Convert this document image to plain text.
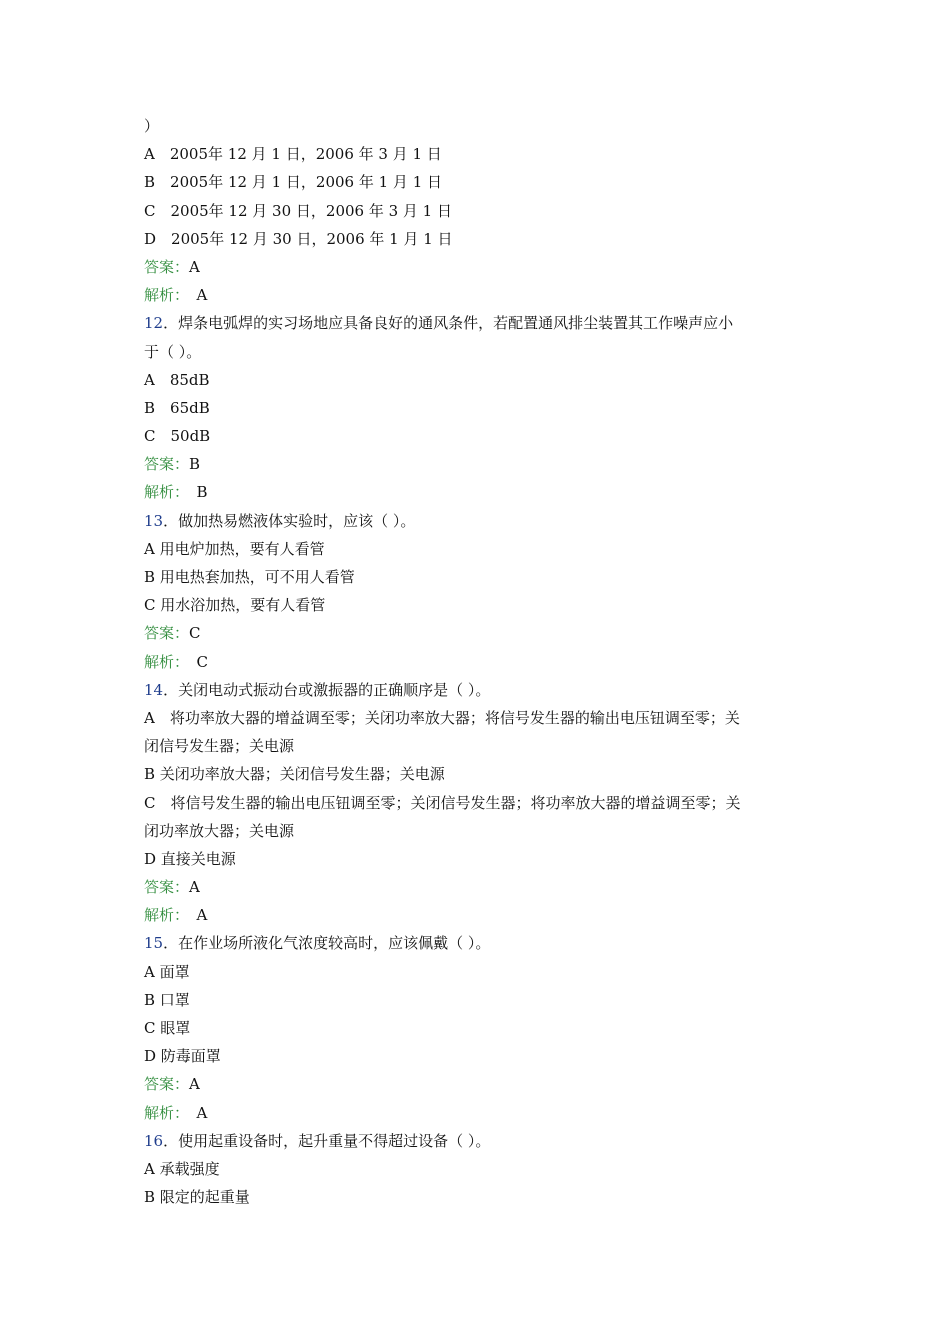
）
A　2005年 12 月 1 日，2006 年 3 月 1 日
B　2005年 12 月 1 日，2006 年 1 月 1 日
C　2005年 12 月 30 日，2006 年 3 月 1 日
D　2005年 12 月 30 日，2006 年 1 月 1 日
答案：A
解析：　A
12．焊条电弧焊的实习场地应具备良好的通风条件，若配置通风排尘装置其工作噪声应小
于（ ）。
A　85dB
B　65dB
C　50dB
答案：B
解析：　B
13．做加热易燃液体实验时，应该（ ）。
A 用电炉加热，要有人看管
B 用电热套加热，可不用人看管
C 用水浴加热，要有人看管
答案：C
解析：　C
14．关闭电动式振动台或激振器的正确顺序是（ ）。
A　将功率放大器的增益调至零；关闭功率放大器；将信号发生器的输出电压钮调至零；关
闭信号发生器；关电源
B 关闭功率放大器；关闭信号发生器；关电源
C　将信号发生器的输出电压钮调至零；关闭信号发生器；将功率放大器的增益调至零；关
闭功率放大器；关电源
D 直接关电源
答案：A
解析：　A
15．在作业场所液化气浓度较高时，应该佩戴（ ）。
A 面罩
B 口罩
C 眼罩
D 防毒面罩
答案：A
解析：　A
16．使用起重设备时，起升重量不得超过设备（ ）。
A 承载强度
B 限定的起重量
